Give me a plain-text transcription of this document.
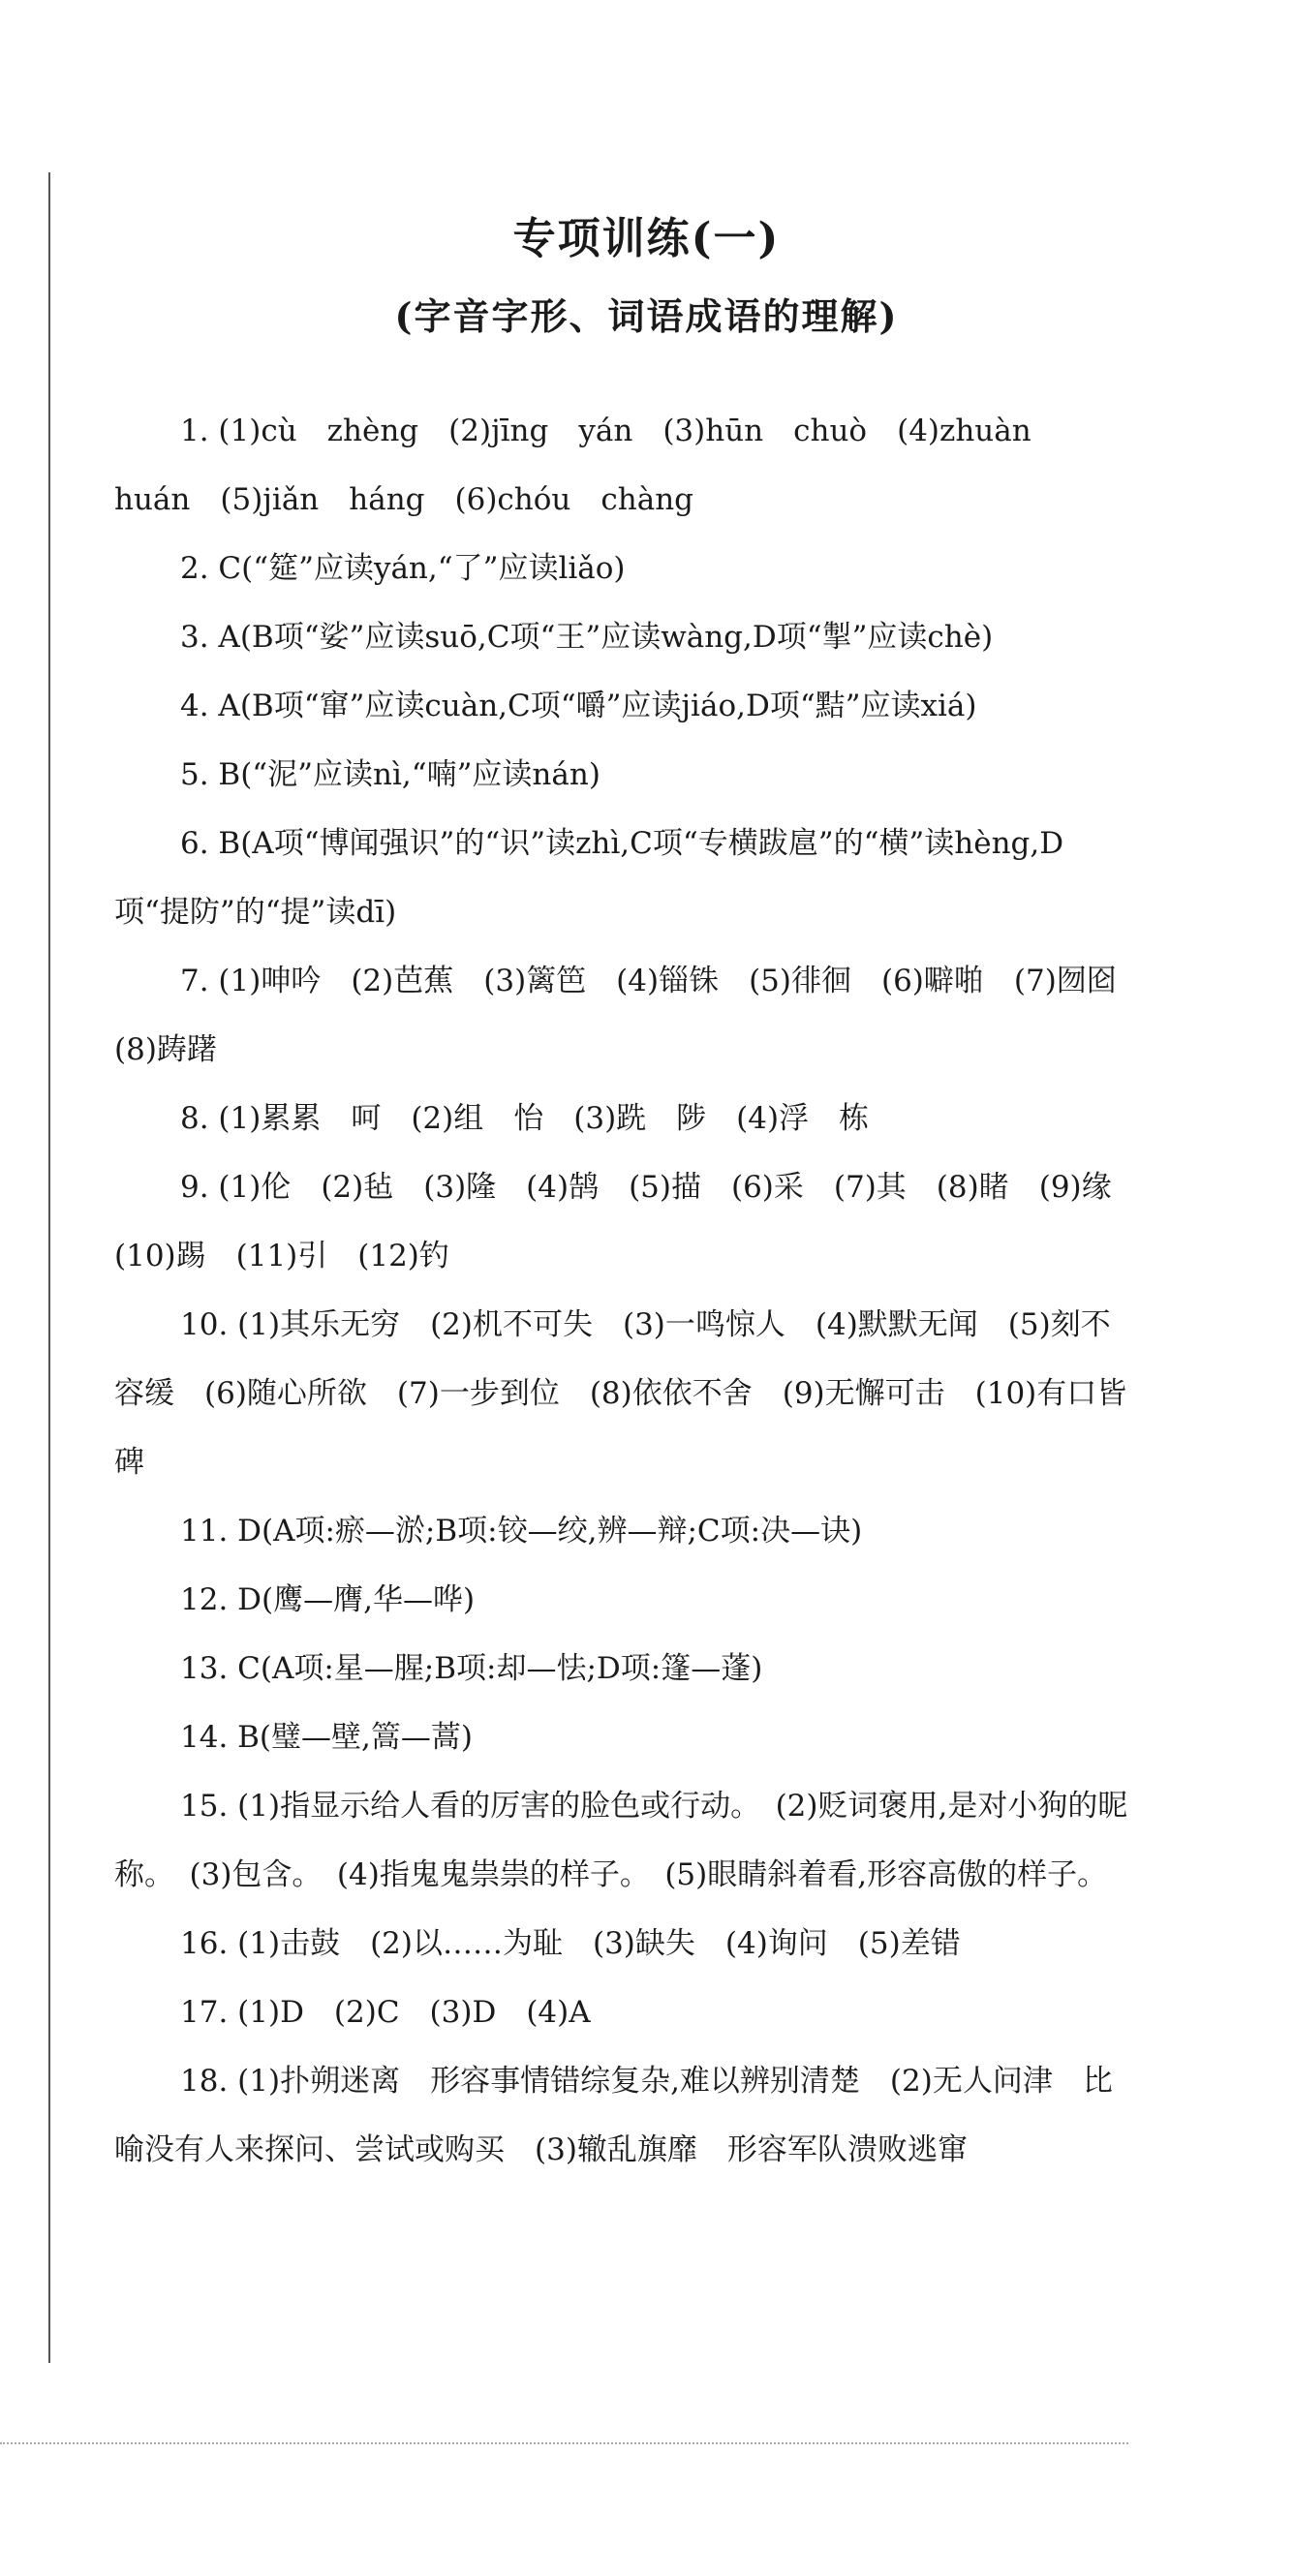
专项训练(一)
(字音字形、词语成语的理解)
1. (1)cù　zhèng　(2)jīng　yán　(3)hūn　chuò　(4)zhuàn　huán　(5)jiǎn　háng　(6)chóu　chàng
2. C(“筵”应读yán,“了”应读liǎo)
3. A(B项“娑”应读suō,C项“王”应读wàng,D项“掣”应读chè)
4. A(B项“窜”应读cuàn,C项“嚼”应读jiáo,D项“黠”应读xiá)
5. B(“泥”应读nì,“喃”应读nán)
6. B(A项“博闻强识”的“识”读zhì,C项“专横跋扈”的“横”读hèng,D项“提防”的“提”读dī)
7. (1)呻吟　(2)芭蕉　(3)篱笆　(4)锱铢　(5)徘徊　(6)噼啪　(7)囫囵　(8)踌躇
8. (1)累累　呵　(2)组　怡　(3)跣　陟　(4)浮　栋
9. (1)伦　(2)毡　(3)隆　(4)鹄　(5)描　(6)采　(7)其　(8)睹　(9)缘　(10)踢　(11)引　(12)钓
10. (1)其乐无穷　(2)机不可失　(3)一鸣惊人　(4)默默无闻　(5)刻不容缓　(6)随心所欲　(7)一步到位　(8)依依不舍　(9)无懈可击　(10)有口皆碑
11. D(A项:瘀—淤;B项:铰—绞,辨—辩;C项:决—诀)
12. D(鹰—膺,华—哗)
13. C(A项:星—腥;B项:却—怯;D项:篷—蓬)
14. B(璧—壁,篙—蒿)
15. (1)指显示给人看的厉害的脸色或行动。　(2)贬词褒用,是对小狗的昵称。　(3)包含。　(4)指鬼鬼祟祟的样子。　(5)眼睛斜着看,形容高傲的样子。
16. (1)击鼓　(2)以……为耻　(3)缺失　(4)询问　(5)差错
17. (1)D　(2)C　(3)D　(4)A
18. (1)扑朔迷离　形容事情错综复杂,难以辨别清楚　(2)无人问津　比喻没有人来探问、尝试或购买　(3)辙乱旗靡　形容军队溃败逃窜
